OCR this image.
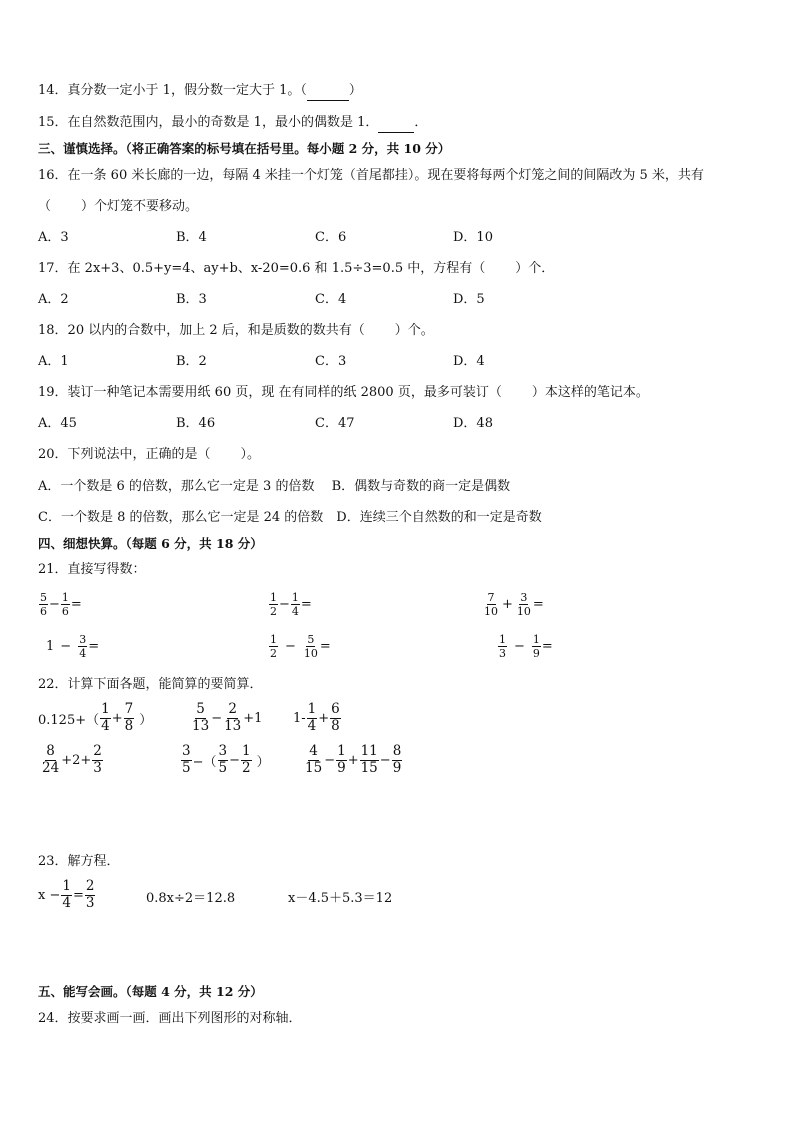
14．真分数一定小于 1，假分数一定大于 1。（	）
15．在自然数范围内，最小的奇数是 1，最小的偶数是 1．	．
三、谨慎选择。（将正确答案的标号填在括号里。每小题 2 分，共 10 分）
16．在一条 60 米长廊的一边，每隔 4 米挂一个灯笼（首尾都挂）。现在要将每两个灯笼之间的间隔改为 5 米，共有
（ ）个灯笼不要移动。
A．3	B．4	C．6	D．10
17．在 2x+3、0.5+y=4、ay+b、x-20=0.6 和 1.5÷3=0.5 中，方程有（ ）个．
A．2	B．3	C．4	D．5
18．20 以内的合数中，加上 2 后，和是质数的数共有（ ）个。
A．1	B．2	C．3	D．4
19．装订一种笔记本需要用纸 60 页，现 在有同样的纸 2800 页，最多可装订（ ）本这样的笔记本。
A．45	B．46	C．47	D．48
20．下列说法中，正确的是（ ）。
A．一个数是 6 的倍数，那么它一定是 3 的倍数　 B．偶数与奇数的商一定是偶数
C．一个数是 8 的倍数，那么它一定是 24 的倍数　D．连续三个自然数的和一定是奇数
四、细想快算。（每题 6 分，共 18 分）
21．直接写得数：
$\frac{5}{6} - \frac{1}{6}$ =	$\frac{1}{2} - \frac{1}{4}$ =	$\frac{7}{10} + \frac{3}{10}$ =
$1 - \frac{3}{4}$ =	$\frac{1}{2} - \frac{5}{10}$ =	$\frac{1}{3} - \frac{1}{9}$ =
22．计算下面各题，能简算的要简算．
$0.125+( \frac{1}{4} + \frac{7}{8}$ ）	$\frac{5}{13} - \frac{2}{13} +1$ $1- \frac{1}{4} + \frac{6}{8}$
$\frac{8}{24} +2+ \frac{2}{3}$	$\frac{3}{5}$ −（ $\frac{3}{5} - \frac{1}{2}$ ）	$\frac{4}{15} - \frac{1}{9} + \frac{11}{15} - \frac{8}{9}$
23．解方程．
$x - \frac{1}{4} = \frac{2}{3}$	0.8x÷2＝12.8	x－4.5＋5.3＝12
五、能写会画。（每题 4 分，共 12 分）
24．按要求画一画．画出下列图形的对称轴．
